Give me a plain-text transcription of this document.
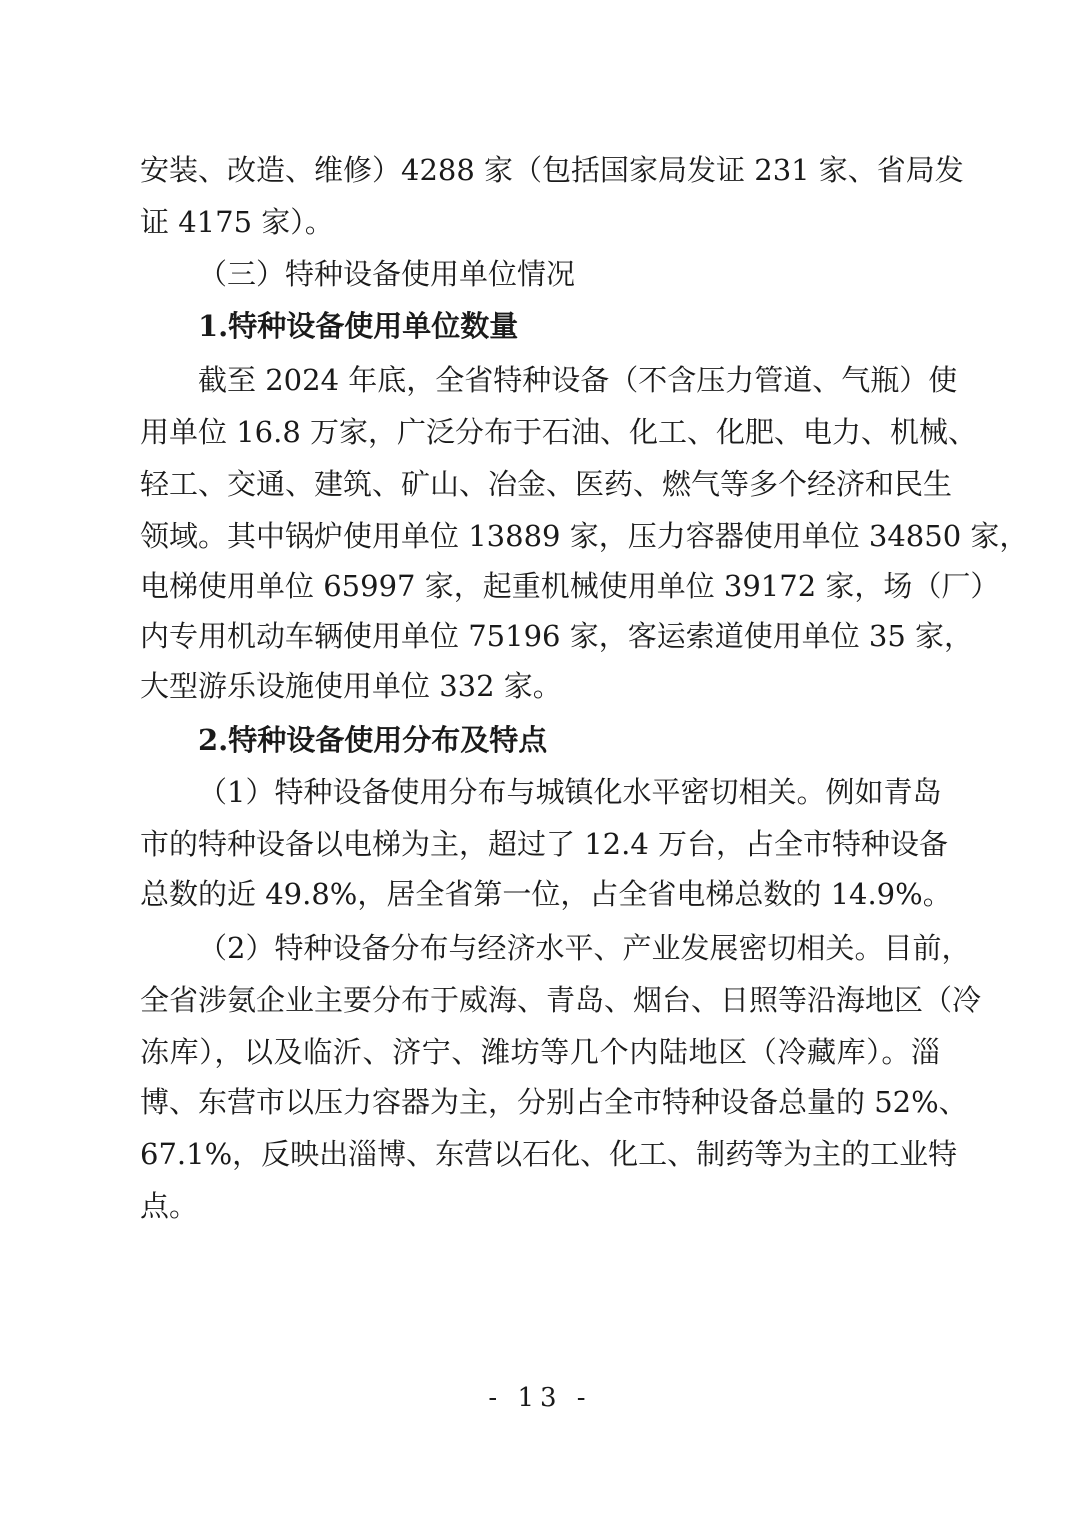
安装、改造、维修）4288 家（包括国家局发证 231 家、省局发
证 4175 家）。
（三）特种设备使用单位情况
1.特种设备使用单位数量
截至 2024 年底，全省特种设备（不含压力管道、气瓶）使
用单位 16.8 万家，广泛分布于石油、化工、化肥、电力、机械、
轻工、交通、建筑、矿山、冶金、医药、燃气等多个经济和民生
领域。其中锅炉使用单位 13889 家，压力容器使用单位 34850 家，
电梯使用单位 65997 家，起重机械使用单位 39172 家，场（厂）
内专用机动车辆使用单位 75196 家，客运索道使用单位 35 家，
大型游乐设施使用单位 332 家。
2.特种设备使用分布及特点
（1）特种设备使用分布与城镇化水平密切相关。例如青岛
市的特种设备以电梯为主，超过了 12.4 万台，占全市特种设备
总数的近 49.8%，居全省第一位，占全省电梯总数的 14.9%。
（2）特种设备分布与经济水平、产业发展密切相关。目前，
全省涉氨企业主要分布于威海、青岛、烟台、日照等沿海地区（冷
冻库），以及临沂、济宁、潍坊等几个内陆地区（冷藏库）。淄
博、东营市以压力容器为主，分别占全市特种设备总量的 52%、
67.1%，反映出淄博、东营以石化、化工、制药等为主的工业特
点。
- 13 -
